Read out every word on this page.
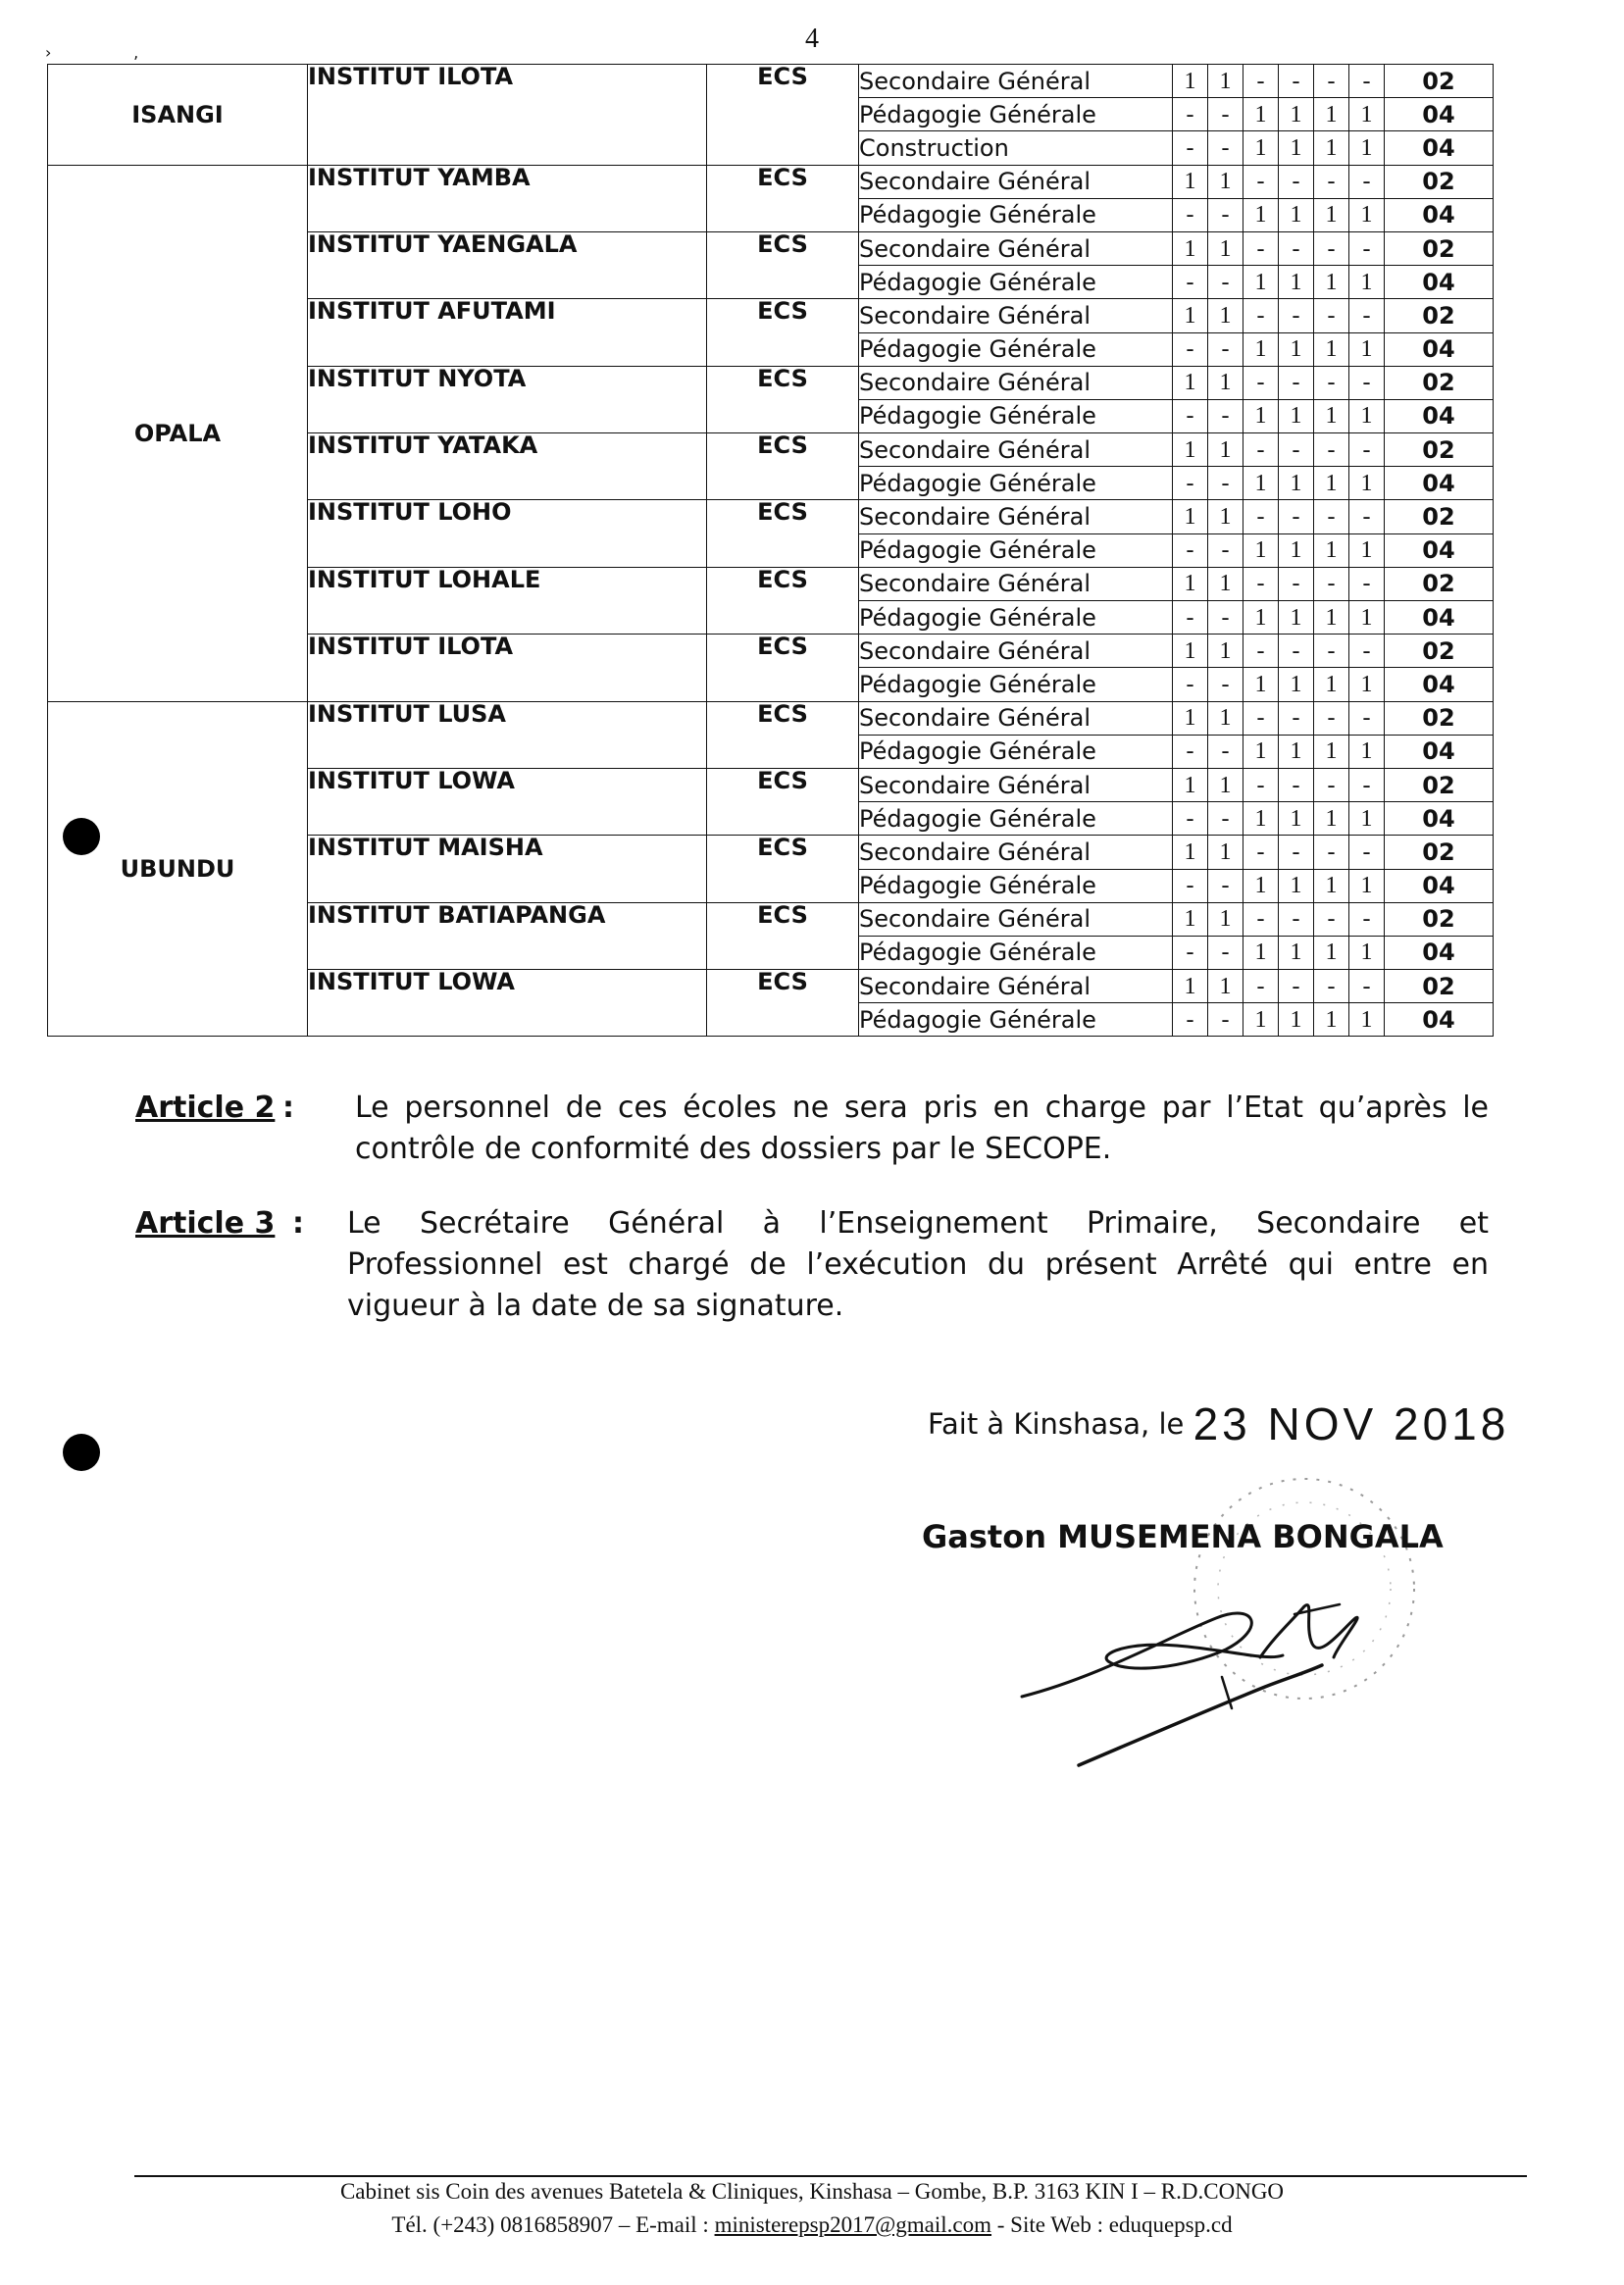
4
›	‚
ISANGI	INSTITUT ILOTA	ECS	Secondaire Général	1	1	-	-	-	-	02
			Pédagogie Générale	-	-	1	1	1	1	04
			Construction	-	-	1	1	1	1	04
OPALA	INSTITUT YAMBA	ECS	Secondaire Général	1	1	-	-	-	-	02
			Pédagogie Générale	-	-	1	1	1	1	04
	INSTITUT YAENGALA	ECS	Secondaire Général	1	1	-	-	-	-	02
			Pédagogie Générale	-	-	1	1	1	1	04
	INSTITUT AFUTAMI	ECS	Secondaire Général	1	1	-	-	-	-	02
			Pédagogie Générale	-	-	1	1	1	1	04
	INSTITUT NYOTA	ECS	Secondaire Général	1	1	-	-	-	-	02
			Pédagogie Générale	-	-	1	1	1	1	04
	INSTITUT YATAKA	ECS	Secondaire Général	1	1	-	-	-	-	02
			Pédagogie Générale	-	-	1	1	1	1	04
	INSTITUT LOHO	ECS	Secondaire Général	1	1	-	-	-	-	02
			Pédagogie Générale	-	-	1	1	1	1	04
	INSTITUT LOHALE	ECS	Secondaire Général	1	1	-	-	-	-	02
			Pédagogie Générale	-	-	1	1	1	1	04
	INSTITUT ILOTA	ECS	Secondaire Général	1	1	-	-	-	-	02
			Pédagogie Générale	-	-	1	1	1	1	04
UBUNDU	INSTITUT LUSA	ECS	Secondaire Général	1	1	-	-	-	-	02
			Pédagogie Générale	-	-	1	1	1	1	04
	INSTITUT LOWA	ECS	Secondaire Général	1	1	-	-	-	-	02
			Pédagogie Générale	-	-	1	1	1	1	04
	INSTITUT MAISHA	ECS	Secondaire Général	1	1	-	-	-	-	02
			Pédagogie Générale	-	-	1	1	1	1	04
	INSTITUT BATIAPANGA	ECS	Secondaire Général	1	1	-	-	-	-	02
			Pédagogie Générale	-	-	1	1	1	1	04
	INSTITUT LOWA	ECS	Secondaire Général	1	1	-	-	-	-	02
			Pédagogie Générale	-	-	1	1	1	1	04
Article 2 : Le personnel de ces écoles ne sera pris en charge par l’Etat qu’après le contrôle de conformité des dossiers par le SECOPE.
Article 3 : Le Secrétaire Général à l’Enseignement Primaire, Secondaire et Professionnel est chargé de l’exécution du présent Arrêté qui entre en vigueur à la date de sa signature.
Fait à Kinshasa, le 23 NOV 2018
Gaston MUSEMENA BONGALA
Cabinet sis Coin des avenues Batetela & Cliniques, Kinshasa – Gombe, B.P. 3163 KIN I – R.D.CONGO
Tél. (+243) 0816858907 – E-mail : ministerepsp2017@gmail.com - Site Web : eduquepsp.cd
